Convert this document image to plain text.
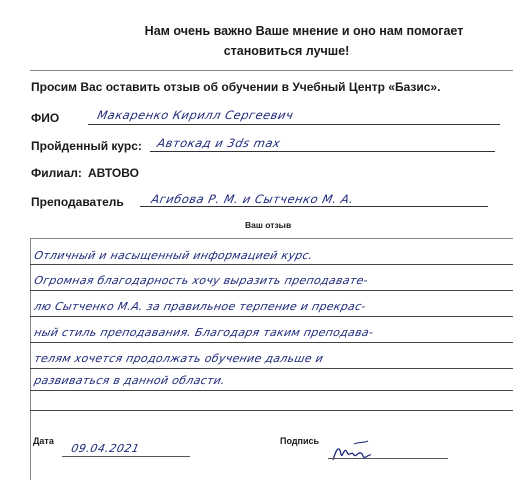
Нам очень важно Ваше мнение и оно нам помогает
становиться лучше!
Просим Вас оставить отзыв об обучении в Учебный Центр «Базис».
ФИО	Макаренко Кирилл Сергеевич
Пройденный курс: Автокад и 3ds max
Филиал: АВТОВО
Преподаватель Агибова Р. М. и Сытченко М. А.
Ваш отзыв
Отличный и насыщенный информацией курс.
Огромная благодарность хочу выразить преподавате-
лю Сытченко М.А. за правильное терпение и прекрас-
ный стиль преподавания. Благодаря таким преподава-
телям хочется продолжать обучение дальше и
развиваться в данной области.
Дата
09.04.2021
Подпись
